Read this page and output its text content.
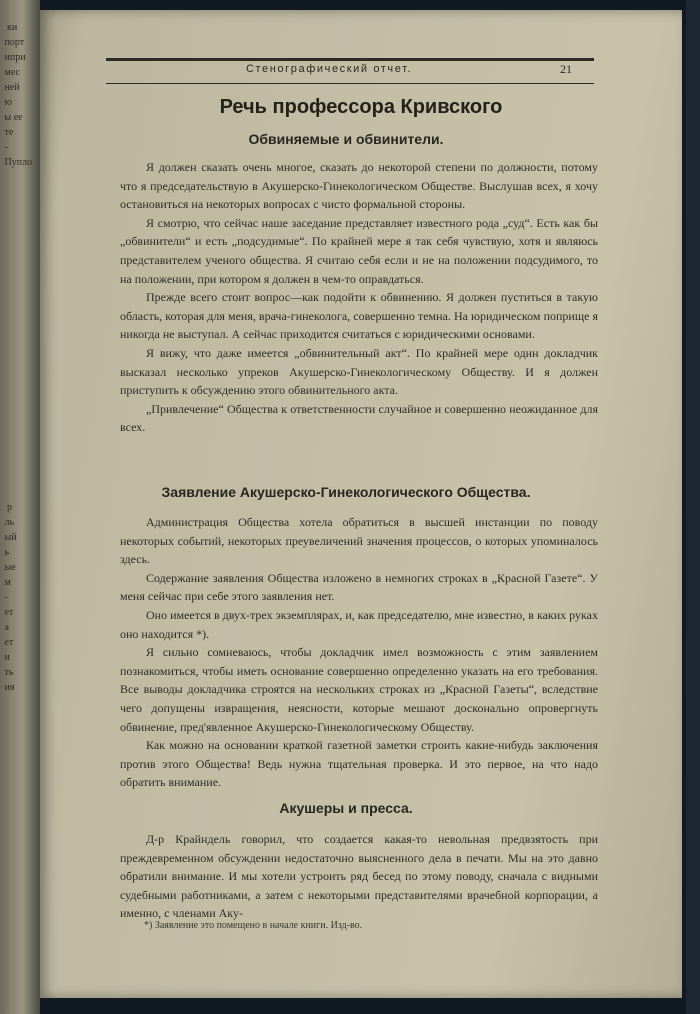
ки
порт
ипри
мес
ней
ю
ы ее
те
-
Пупло

р
ль
ый
ь
ые
м
-
ет
а
ет
и
ть
ия

Стенографический отчет.	21
Речь профессора Кривского
Обвиняемые и обвинители.

Я должен сказать очень многое, сказать до некоторой степени по должности, потому что я председательствую в Акушерско-Гинекологическом Обществе. Выслушав всех, я хочу остановиться на некоторых вопросах с чисто формальной стороны.

Я смотрю, что сейчас наше заседание представляет известного рода „суд“. Есть как бы „обвинители“ и есть „подсудимые“. По крайней мере я так себя чувствую, хотя и являюсь представителем ученого общества. Я считаю себя если и не на положении подсудимого, то на положении, при котором я должен в чем-то оправдаться.

Прежде всего стоит вопрос—как подойти к обвинению. Я должен пуститься в такую область, которая для меня, врача-гинеколога, совершенно темна. На юридическом поприще я никогда не выступал. А сейчас приходится считаться с юридическими основами.

Я вижу, что даже имеется „обвинительный акт“. По крайней мере один докладчик высказал несколько упреков Акушерско-Гинекологическому Обществу. И я должен приступить к обсуждению этого обвинительного акта.

„Привлечение“ Общества к ответственности случайное и совершенно неожиданное для всех.

Заявление Акушерско-Гинекологического Общества.

Администрация Общества хотела обратиться в высшей инстанции по поводу некоторых событий, некоторых преувеличений значения процессов, о которых упоминалось здесь.

Содержание заявления Общества изложено в немногих строках в „Красной Газете“. У меня сейчас при себе этого заявления нет.

Оно имеется в двух-трех экземплярах, и, как председателю, мне известно, в каких руках оно находится *).

Я сильно сомневаюсь, чтобы докладчик имел возможность с этим заявлением познакомиться, чтобы иметь основание совершенно определенно указать на его требования. Все выводы докладчика строятся на нескольких строках из „Красной Газеты“, вследствие чего допущены извращения, неясности, которые мешают досконально опровергнуть обвинение, пред'явленное Акушерско-Гинекологическому Обществу.

Как можно на основании краткой газетной заметки строить какие-нибудь заключения против этого Общества! Ведь нужна тщательная проверка. И это первое, на что надо обратить внимание.

Акушеры и пресса.

Д-р Крайндель говорил, что создается какая-то невольная предвзятость при преждевременном обсуждении недостаточно выясненного дела в печати. Мы на это давно обратили внимание. И мы хотели устроить ряд бесед по этому поводу, сначала с видными судебными работниками, а затем с некоторыми представителями врачебной корпорации, а именно, с членами Аку-

*) Заявление это помещено в начале книги. Изд-во.
